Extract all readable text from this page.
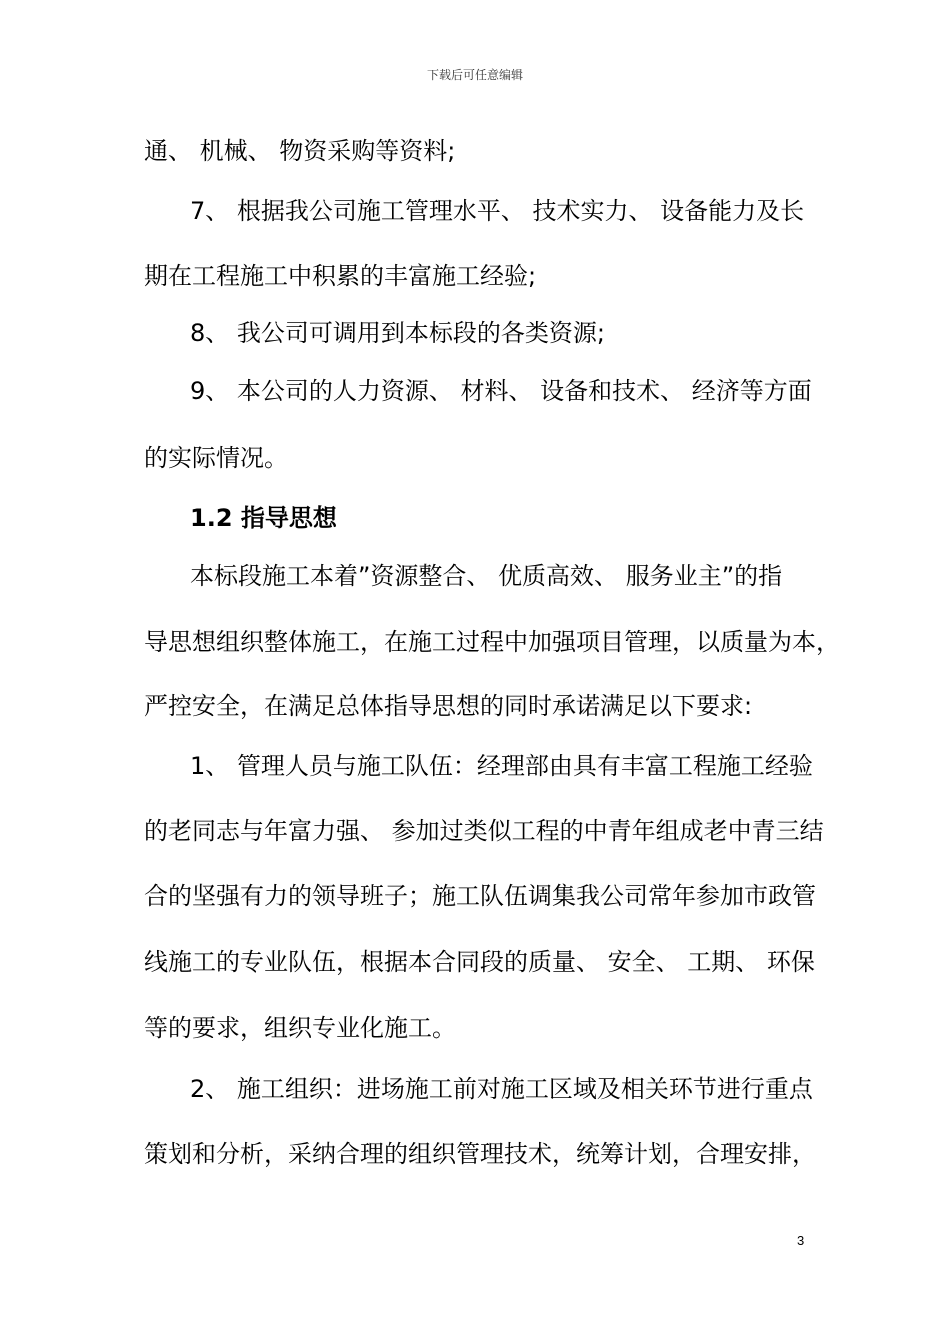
下载后可任意编辑
通、 机械、 物资采购等资料;
7、 根据我公司施工管理水平、 技术实力、 设备能力及长
期在工程施工中积累的丰富施工经验;
8、 我公司可调用到本标段的各类资源;
9、 本公司的人力资源、 材料、 设备和技术、 经济等方面
的实际情况。
1.2 指导思想
本标段施工本着”资源整合、 优质高效、 服务业主”的指
导思想组织整体施工，在施工过程中加强项目管理，以质量为本，
严控安全，在满足总体指导思想的同时承诺满足以下要求:
1、 管理人员与施工队伍：经理部由具有丰富工程施工经验
的老同志与年富力强、 参加过类似工程的中青年组成老中青三结
合的坚强有力的领导班子；施工队伍调集我公司常年参加市政管
线施工的专业队伍，根据本合同段的质量、 安全、 工期、 环保
等的要求，组织专业化施工。
2、 施工组织：进场施工前对施工区域及相关环节进行重点
策划和分析，采纳合理的组织管理技术，统筹计划，合理安排，
3
